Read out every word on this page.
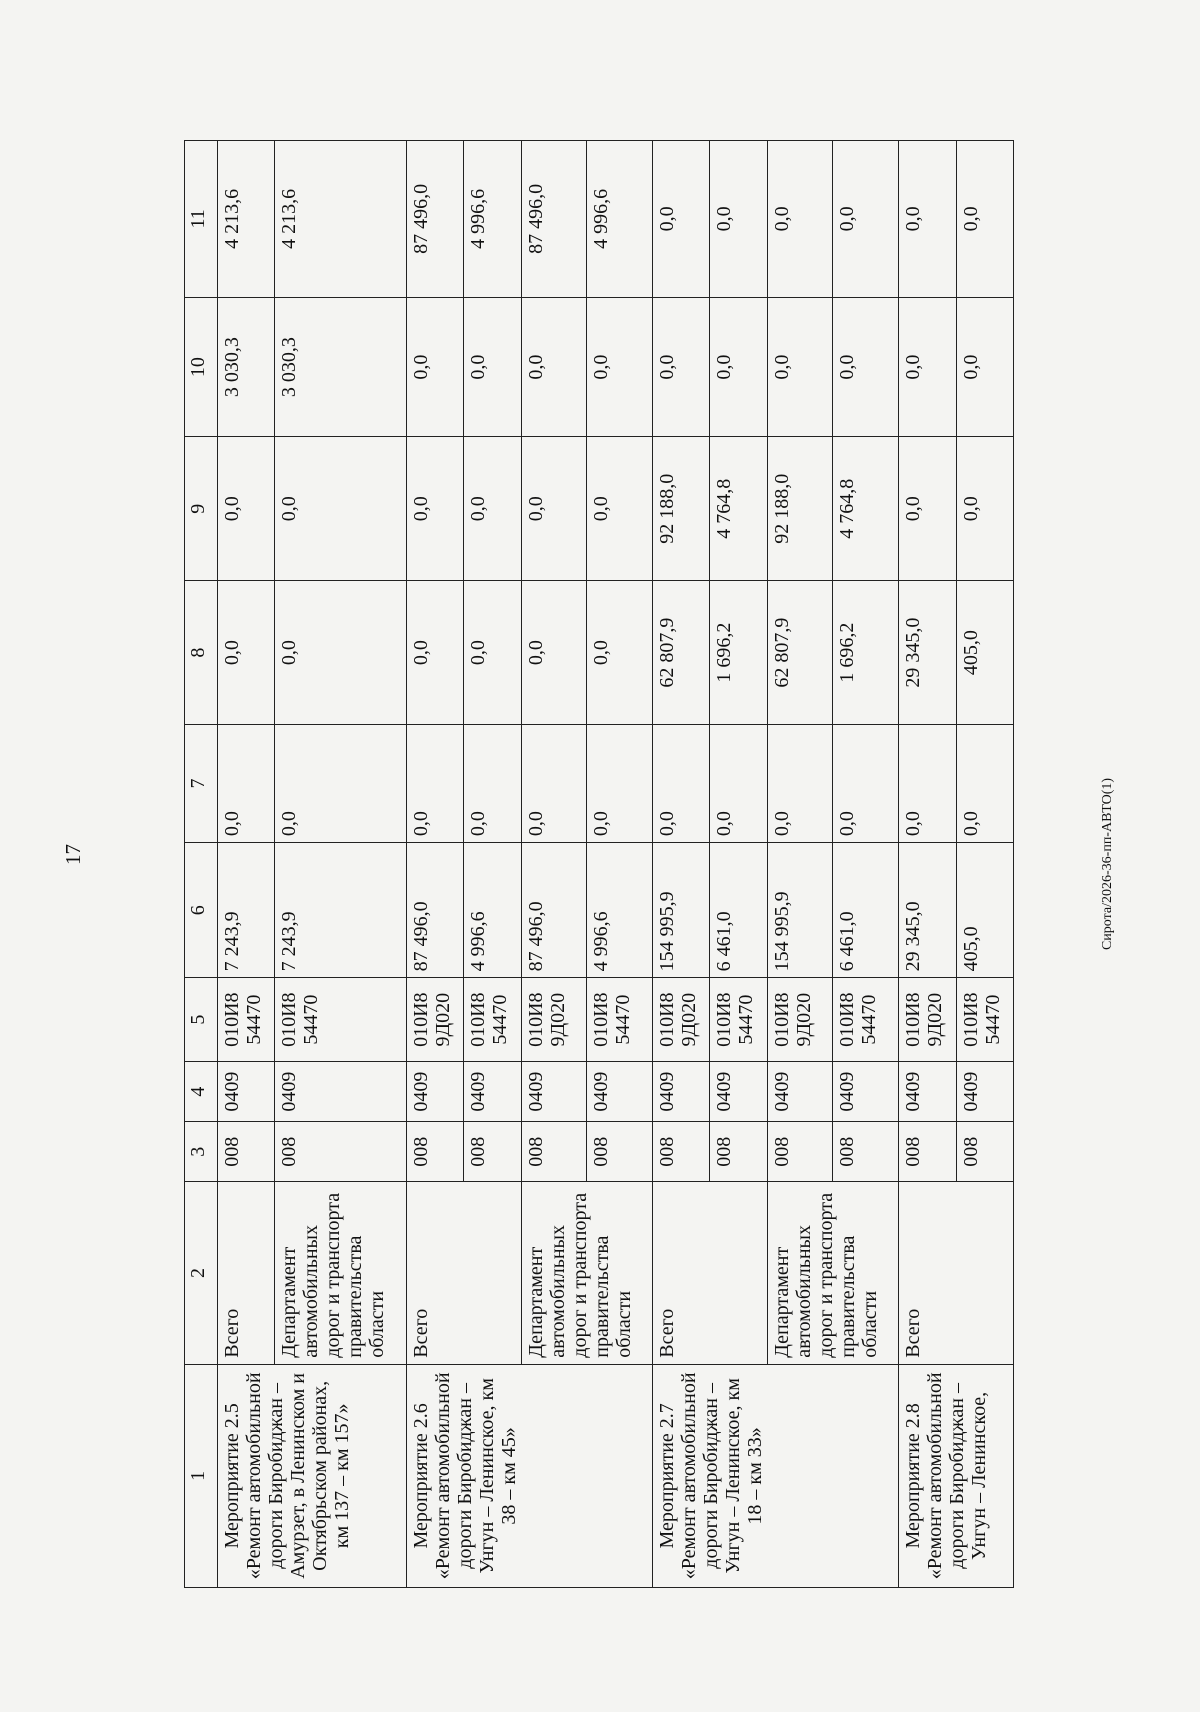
17	Сирота/2026-36-пп-АВТО(1)
1	2	3	4	5	6	7	8	9	10	11
Мероприятие 2.5 «Ремонт автомобильной дороги Биробиджан – Амурзет, в Ленинском и Октябрьском районах, км 137 – км 157»	Всего	008	0409	010И8 54470	7 243,9	0,0	0,0	0,0	3 030,3	4 213,6
	Департамент автомобильных дорог и транспорта правительства области	008	0409	010И8 54470	7 243,9	0,0	0,0	0,0	3 030,3	4 213,6
Мероприятие 2.6 «Ремонт автомобильной дороги Биробиджан – Унгун – Ленинское, км 38 – км 45»	Всего	008	0409	010И8 9Д020	87 496,0	0,0	0,0	0,0	0,0	87 496,0
		008	0409	010И8 54470	4 996,6	0,0	0,0	0,0	0,0	4 996,6
	Департамент автомобильных дорог и транспорта правительства области	008	0409	010И8 9Д020	87 496,0	0,0	0,0	0,0	0,0	87 496,0
		008	0409	010И8 54470	4 996,6	0,0	0,0	0,0	0,0	4 996,6
Мероприятие 2.7 «Ремонт автомобильной дороги Биробиджан – Унгун – Ленинское, км 18 – км 33»	Всего	008	0409	010И8 9Д020	154 995,9	0,0	62 807,9	92 188,0	0,0	0,0
		008	0409	010И8 54470	6 461,0	0,0	1 696,2	4 764,8	0,0	0,0
	Департамент автомобильных дорог и транспорта правительства области	008	0409	010И8 9Д020	154 995,9	0,0	62 807,9	92 188,0	0,0	0,0
		008	0409	010И8 54470	6 461,0	0,0	1 696,2	4 764,8	0,0	0,0
Мероприятие 2.8 «Ремонт автомобильной дороги Биробиджан – Унгун – Ленинское,	Всего	008	0409	010И8 9Д020	29 345,0	0,0	29 345,0	0,0	0,0	0,0
		008	0409	010И8 54470	405,0	0,0	405,0	0,0	0,0	0,0
